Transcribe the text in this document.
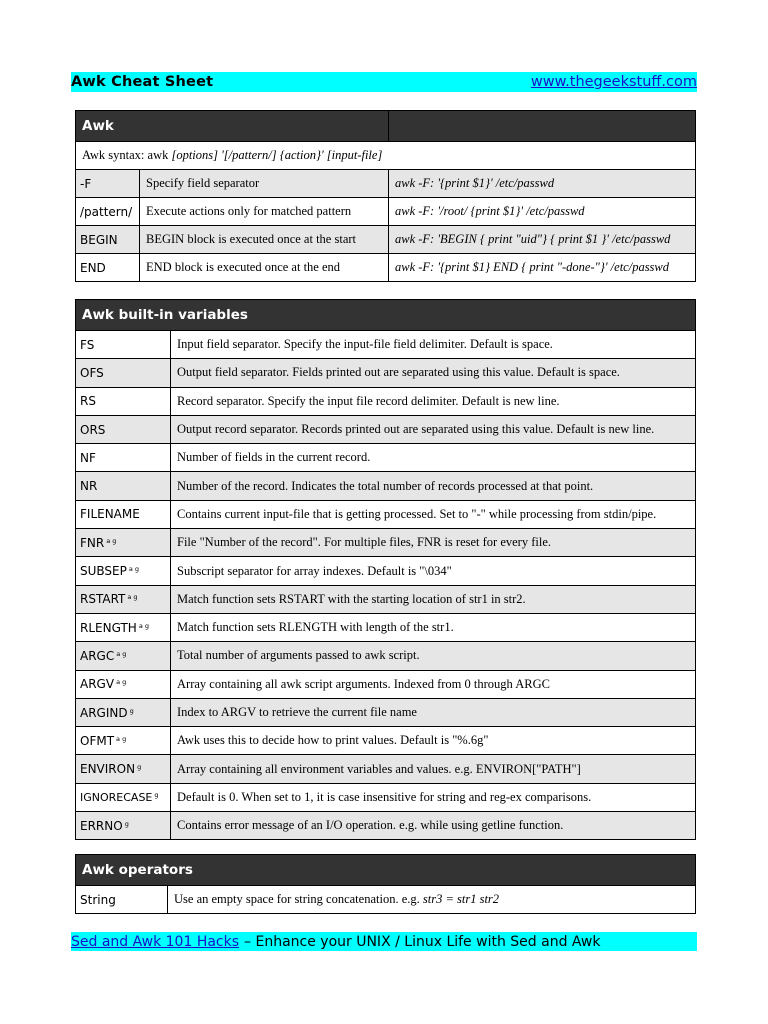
Awk Cheat Sheet	www.thegeekstuff.com
Awk		
Awk syntax: awk [options] '[/pattern/] {action}' [input-file]		
-F	Specify field separator	awk -F: '{print $1}' /etc/passwd
/pattern/	Execute actions only for matched pattern	awk -F: '/root/ {print $1}' /etc/passwd
BEGIN	BEGIN block is executed once at the start	awk -F: 'BEGIN { print "uid"} { print $1 }' /etc/passwd
END	END block is executed once at the end	awk -F: '{print $1} END { print "-done-"}' /etc/passwd
Awk built-in variables	
FS	Input field separator. Specify the input-file field delimiter. Default is space.
OFS	Output field separator. Fields printed out are separated using this value. Default is space.
RS	Record separator. Specify the input file record delimiter. Default is new line.
ORS	Output record separator. Records printed out are separated using this value. Default is new line.
NF	Number of fields in the current record.
NR	Number of the record. Indicates the total number of records processed at that point.
FILENAME	Contains current input-file that is getting processed. Set to "-" while processing from stdin/pipe.
FNR $^{a g}$	File "Number of the record". For multiple files, FNR is reset for every file.
SUBSEP $^{a g}$	Subscript separator for array indexes. Default is "\034"
RSTART $^{a g}$	Match function sets RSTART with the starting location of str1 in str2.
RLENGTH $^{a g}$	Match function sets RLENGTH with length of the str1.
ARGC $^{a g}$	Total number of arguments passed to awk script.
ARGV $^{a g}$	Array containing all awk script arguments. Indexed from 0 through ARGC
ARGIND $^g$	Index to ARGV to retrieve the current file name
OFMT $^{a g}$	Awk uses this to decide how to print values. Default is "%.6g"
ENVIRON $^g$	Array containing all environment variables and values. e.g. ENVIRON["PATH"]
IGNORECASE $^g$	Default is 0. When set to 1, it is case insensitive for string and reg-ex comparisons.
ERRNO $^g$	Contains error message of an I/O operation. e.g. while using getline function.
Awk operators
String	Use an empty space for string concatenation. e.g. str3 = str1 str2
Sed and Awk 101 Hacks – Enhance your UNIX / Linux Life with Sed and Awk
